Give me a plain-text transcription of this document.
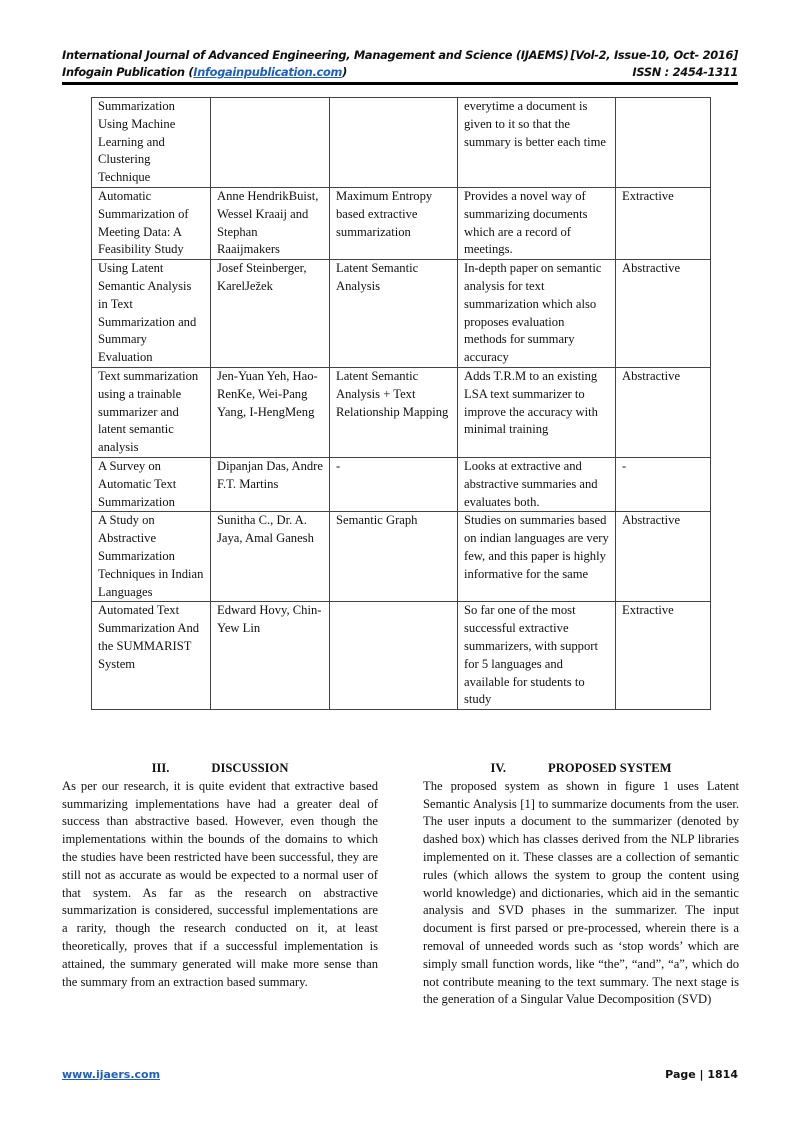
International Journal of Advanced Engineering, Management and Science (IJAEMS) [Vol-2, Issue-10, Oct- 2016]
Infogain Publication (Infogainpublication.com)	ISSN : 2454-1311
Summarization Using Machine Learning and Clustering Technique			everytime a document is given to it so that the summary is better each time	
Automatic Summarization of Meeting Data: A Feasibility Study	Anne HendrikBuist, Wessel Kraaij and Stephan Raaijmakers	Maximum Entropy based extractive summarization	Provides a novel way of summarizing documents which are a record of meetings.	Extractive
Using Latent Semantic Analysis in Text Summarization and Summary Evaluation	Josef Steinberger, KarelJežek	Latent Semantic Analysis	In-depth paper on semantic analysis for text summarization which also proposes evaluation methods for summary accuracy	Abstractive
Text summarization using a trainable summarizer and latent semantic analysis	Jen-Yuan Yeh, Hao-RenKe, Wei-Pang Yang, I-HengMeng	Latent Semantic Analysis + Text Relationship Mapping	Adds T.R.M to an existing LSA text summarizer to improve the accuracy with minimal training	Abstractive
A Survey on Automatic Text Summarization	Dipanjan Das, Andre F.T. Martins	-	Looks at extractive and abstractive summaries and evaluates both.	-
A Study on Abstractive Summarization Techniques in Indian Languages	Sunitha C., Dr. A. Jaya, Amal Ganesh	Semantic Graph	Studies on summaries based on indian languages are very few, and this paper is highly informative for the same	Abstractive
Automated Text Summarization And the SUMMARIST System	Edward Hovy, Chin-Yew Lin		So far one of the most successful extractive summarizers, with support for 5 languages and available for students to study	Extractive
III.	DISCUSSION

As per our research, it is quite evident that extractive based summarizing implementations have had a greater deal of success than abstractive based. However, even though the implementations within the bounds of the domains to which the studies have been restricted have been successful, they are still not as accurate as would be expected to a normal user of that system. As far as the research on abstractive summarization is considered, successful implementations are a rarity, though the research conducted on it, at least theoretically, proves that if a successful implementation is attained, the summary generated will make more sense than the summary from an extraction based summary.

IV.	PROPOSED SYSTEM

The proposed system as shown in figure 1 uses Latent Semantic Analysis [1] to summarize documents from the user. The user inputs a document to the summarizer (denoted by dashed box) which has classes derived from the NLP libraries implemented on it. These classes are a collection of semantic rules (which allows the system to group the content using world knowledge) and dictionaries, which aid in the semantic analysis and SVD phases in the summarizer. The input document is first parsed or pre-processed, wherein there is a removal of unneeded words such as ‘stop words’ which are simply small function words, like “the”, “and”, “a”, which do not contribute meaning to the text summary. The next stage is the generation of a Singular Value Decomposition (SVD)

www.ijaers.com	Page | 1814
